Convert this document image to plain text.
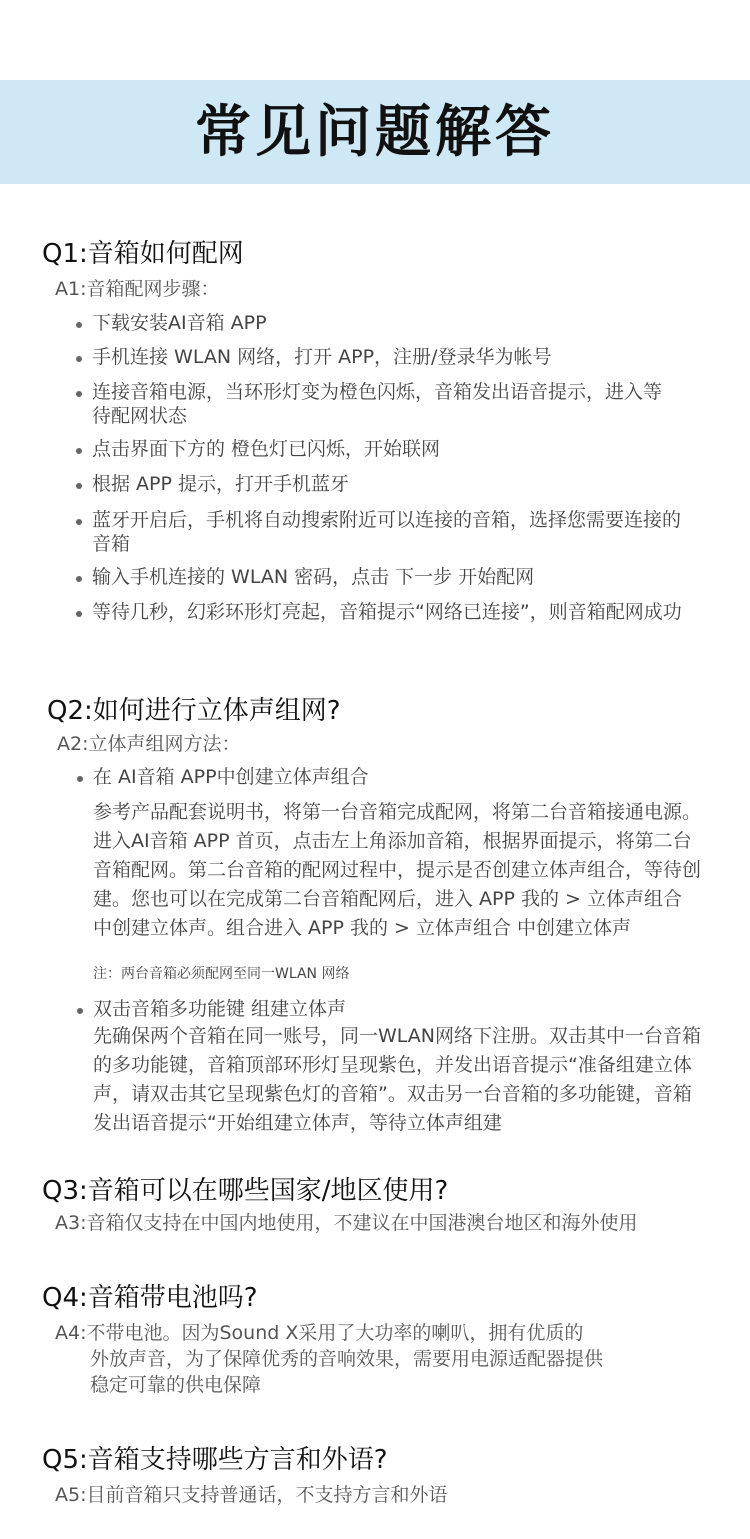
常见问题解答
Q1:音箱如何配网
A1:音箱配网步骤：
下载安装AI音箱 APP
手机连接 WLAN 网络，打开 APP，注册/登录华为帐号
连接音箱电源，当环形灯变为橙色闪烁，音箱发出语音提示，进入等待配网状态
点击界面下方的 橙色灯已闪烁，开始联网
根据 APP 提示，打开手机蓝牙
蓝牙开启后，手机将自动搜索附近可以连接的音箱，选择您需要连接的音箱
输入手机连接的 WLAN 密码，点击 下一步 开始配网
等待几秒，幻彩环形灯亮起，音箱提示“网络已连接”，则音箱配网成功
Q2:如何进行立体声组网?
A2:立体声组网方法：
在 AI音箱 APP中创建立体声组合
参考产品配套说明书，将第一台音箱完成配网，将第二台音箱接通电源。进入AI音箱 APP 首页，点击左上角添加音箱，根据界面提示，将第二台音箱配网。第二台音箱的配网过程中，提示是否创建立体声组合，等待创建。您也可以在完成第二台音箱配网后，进入 APP 我的 > 立体声组合 中创建立体声。组合进入 APP 我的 > 立体声组合 中创建立体声
注：两台音箱必须配网至同一WLAN 网络
双击音箱多功能键 组建立体声
先确保两个音箱在同一账号，同一WLAN网络下注册。双击其中一台音箱的多功能键，音箱顶部环形灯呈现紫色，并发出语音提示“准备组建立体声，请双击其它呈现紫色灯的音箱”。双击另一台音箱的多功能键，音箱发出语音提示“开始组建立体声，等待立体声组建
Q3:音箱可以在哪些国家/地区使用?
A3:音箱仅支持在中国内地使用，不建议在中国港澳台地区和海外使用
Q4:音箱带电池吗?
A4:不带电池。因为Sound X采用了大功率的喇叭，拥有优质的
外放声音，为了保障优秀的音响效果，需要用电源适配器提供
稳定可靠的供电保障
Q5:音箱支持哪些方言和外语?
A5:目前音箱只支持普通话，不支持方言和外语
